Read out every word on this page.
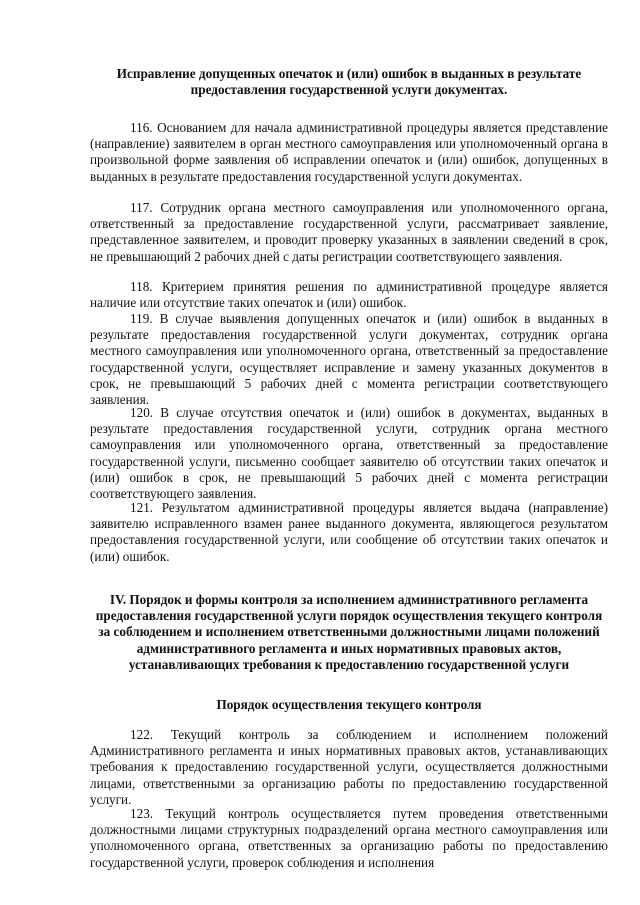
Исправление допущенных опечаток и (или) ошибок в выданных в результате предоставления государственной услуги документах.
116. Основанием для начала административной процедуры является представление (направление) заявителем в орган местного самоуправления или уполномоченный органа в произвольной форме заявления об исправлении опечаток и (или) ошибок, допущенных в выданных в результате предоставления государственной услуги документах.
117. Сотрудник органа местного самоуправления или уполномоченного органа, ответственный за предоставление государственной услуги, рассматривает заявление, представленное заявителем, и проводит проверку указанных в заявлении сведений в срок, не превышающий 2 рабочих дней с даты регистрации соответствующего заявления.
118. Критерием принятия решения по административной процедуре является наличие или отсутствие таких опечаток и (или) ошибок.
119. В случае выявления допущенных опечаток и (или) ошибок в выданных в результате предоставления государственной услуги документах, сотрудник органа местного самоуправления или уполномоченного органа, ответственный за предоставление государственной услуги, осуществляет исправление и замену указанных документов в срок, не превышающий 5 рабочих дней с момента регистрации соответствующего заявления.
120. В случае отсутствия опечаток и (или) ошибок в документах, выданных в результате предоставления государственной услуги, сотрудник органа местного самоуправления или уполномоченного органа, ответственный за предоставление государственной услуги, письменно сообщает заявителю об отсутствии таких опечаток и (или) ошибок в срок, не превышающий 5 рабочих дней с момента регистрации соответствующего заявления.
121. Результатом административной процедуры является выдача (направление) заявителю исправленного взамен ранее выданного документа, являющегося результатом предоставления государственной услуги, или сообщение об отсутствии таких опечаток и (или) ошибок.
IV. Порядок и формы контроля за исполнением административного регламента предоставления государственной услуги порядок осуществления текущего контроля за соблюдением и исполнением ответственными должностными лицами положений административного регламента и иных нормативных правовых актов, устанавливающих требования к предоставлению государственной услуги
Порядок осуществления текущего контроля
122. Текущий контроль за соблюдением и исполнением положений Административного регламента и иных нормативных правовых актов, устанавливающих требования к предоставлению государственной услуги, осуществляется должностными лицами, ответственными за организацию работы по предоставлению государственной услуги.
123. Текущий контроль осуществляется путем проведения ответственными должностными лицами структурных подразделений органа местного самоуправления или уполномоченного органа, ответственных за организацию работы по предоставлению государственной услуги, проверок соблюдения и исполнения
